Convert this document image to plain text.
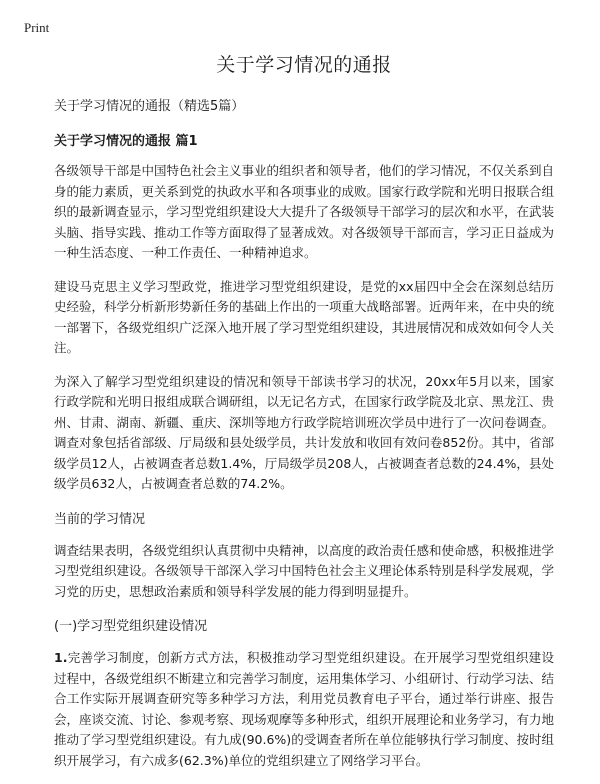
Print
关于学习情况的通报

关于学习情况的通报（精选5篇）

关于学习情况的通报 篇1

各级领导干部是中国特色社会主义事业的组织者和领导者，他们的学习情况，不仅关系到自身的能力素质，更关系到党的执政水平和各项事业的成败。国家行政学院和光明日报联合组织的最新调查显示，学习型党组织建设大大提升了各级领导干部学习的层次和水平，在武装头脑、指导实践、推动工作等方面取得了显著成效。对各级领导干部而言，学习正日益成为一种生活态度、一种工作责任、一种精神追求。

建设马克思主义学习型政党，推进学习型党组织建设，是党的xx届四中全会在深刻总结历史经验，科学分析新形势新任务的基础上作出的一项重大战略部署。近两年来，在中央的统一部署下，各级党组织广泛深入地开展了学习型党组织建设，其进展情况和成效如何令人关注。

为深入了解学习型党组织建设的情况和领导干部读书学习的状况，20xx年5月以来，国家行政学院和光明日报组成联合调研组，以无记名方式，在国家行政学院及北京、黑龙江、贵州、甘肃、湖南、新疆、重庆、深圳等地方行政学院培训班次学员中进行了一次问卷调查。调查对象包括省部级、厅局级和县处级学员，共计发放和收回有效问卷852份。其中，省部级学员12人，占被调查者总数1.4%，厅局级学员208人，占被调查者总数的24.4%，县处级学员632人，占被调查者总数的74.2%。

当前的学习情况

调查结果表明，各级党组织认真贯彻中央精神，以高度的政治责任感和使命感，积极推进学习型党组织建设。各级领导干部深入学习中国特色社会主义理论体系特别是科学发展观，学习党的历史，思想政治素质和领导科学发展的能力得到明显提升。

(一)学习型党组织建设情况

1.完善学习制度，创新方式方法，积极推动学习型党组织建设。在开展学习型党组织建设过程中，各级党组织不断建立和完善学习制度，运用集体学习、小组研讨、行动学习法、结合工作实际开展调查研究等多种学习方法，利用党员教育电子平台，通过举行讲座、报告会，座谈交流、讨论、参观考察、现场观摩等多种形式，组织开展理论和业务学习，有力地推动了学习型党组织建设。有九成(90.6%)的受调查者所在单位能够执行学习制度、按时组织开展学习，有六成多(62.3%)单位的党组织建立了网络学习平台。
